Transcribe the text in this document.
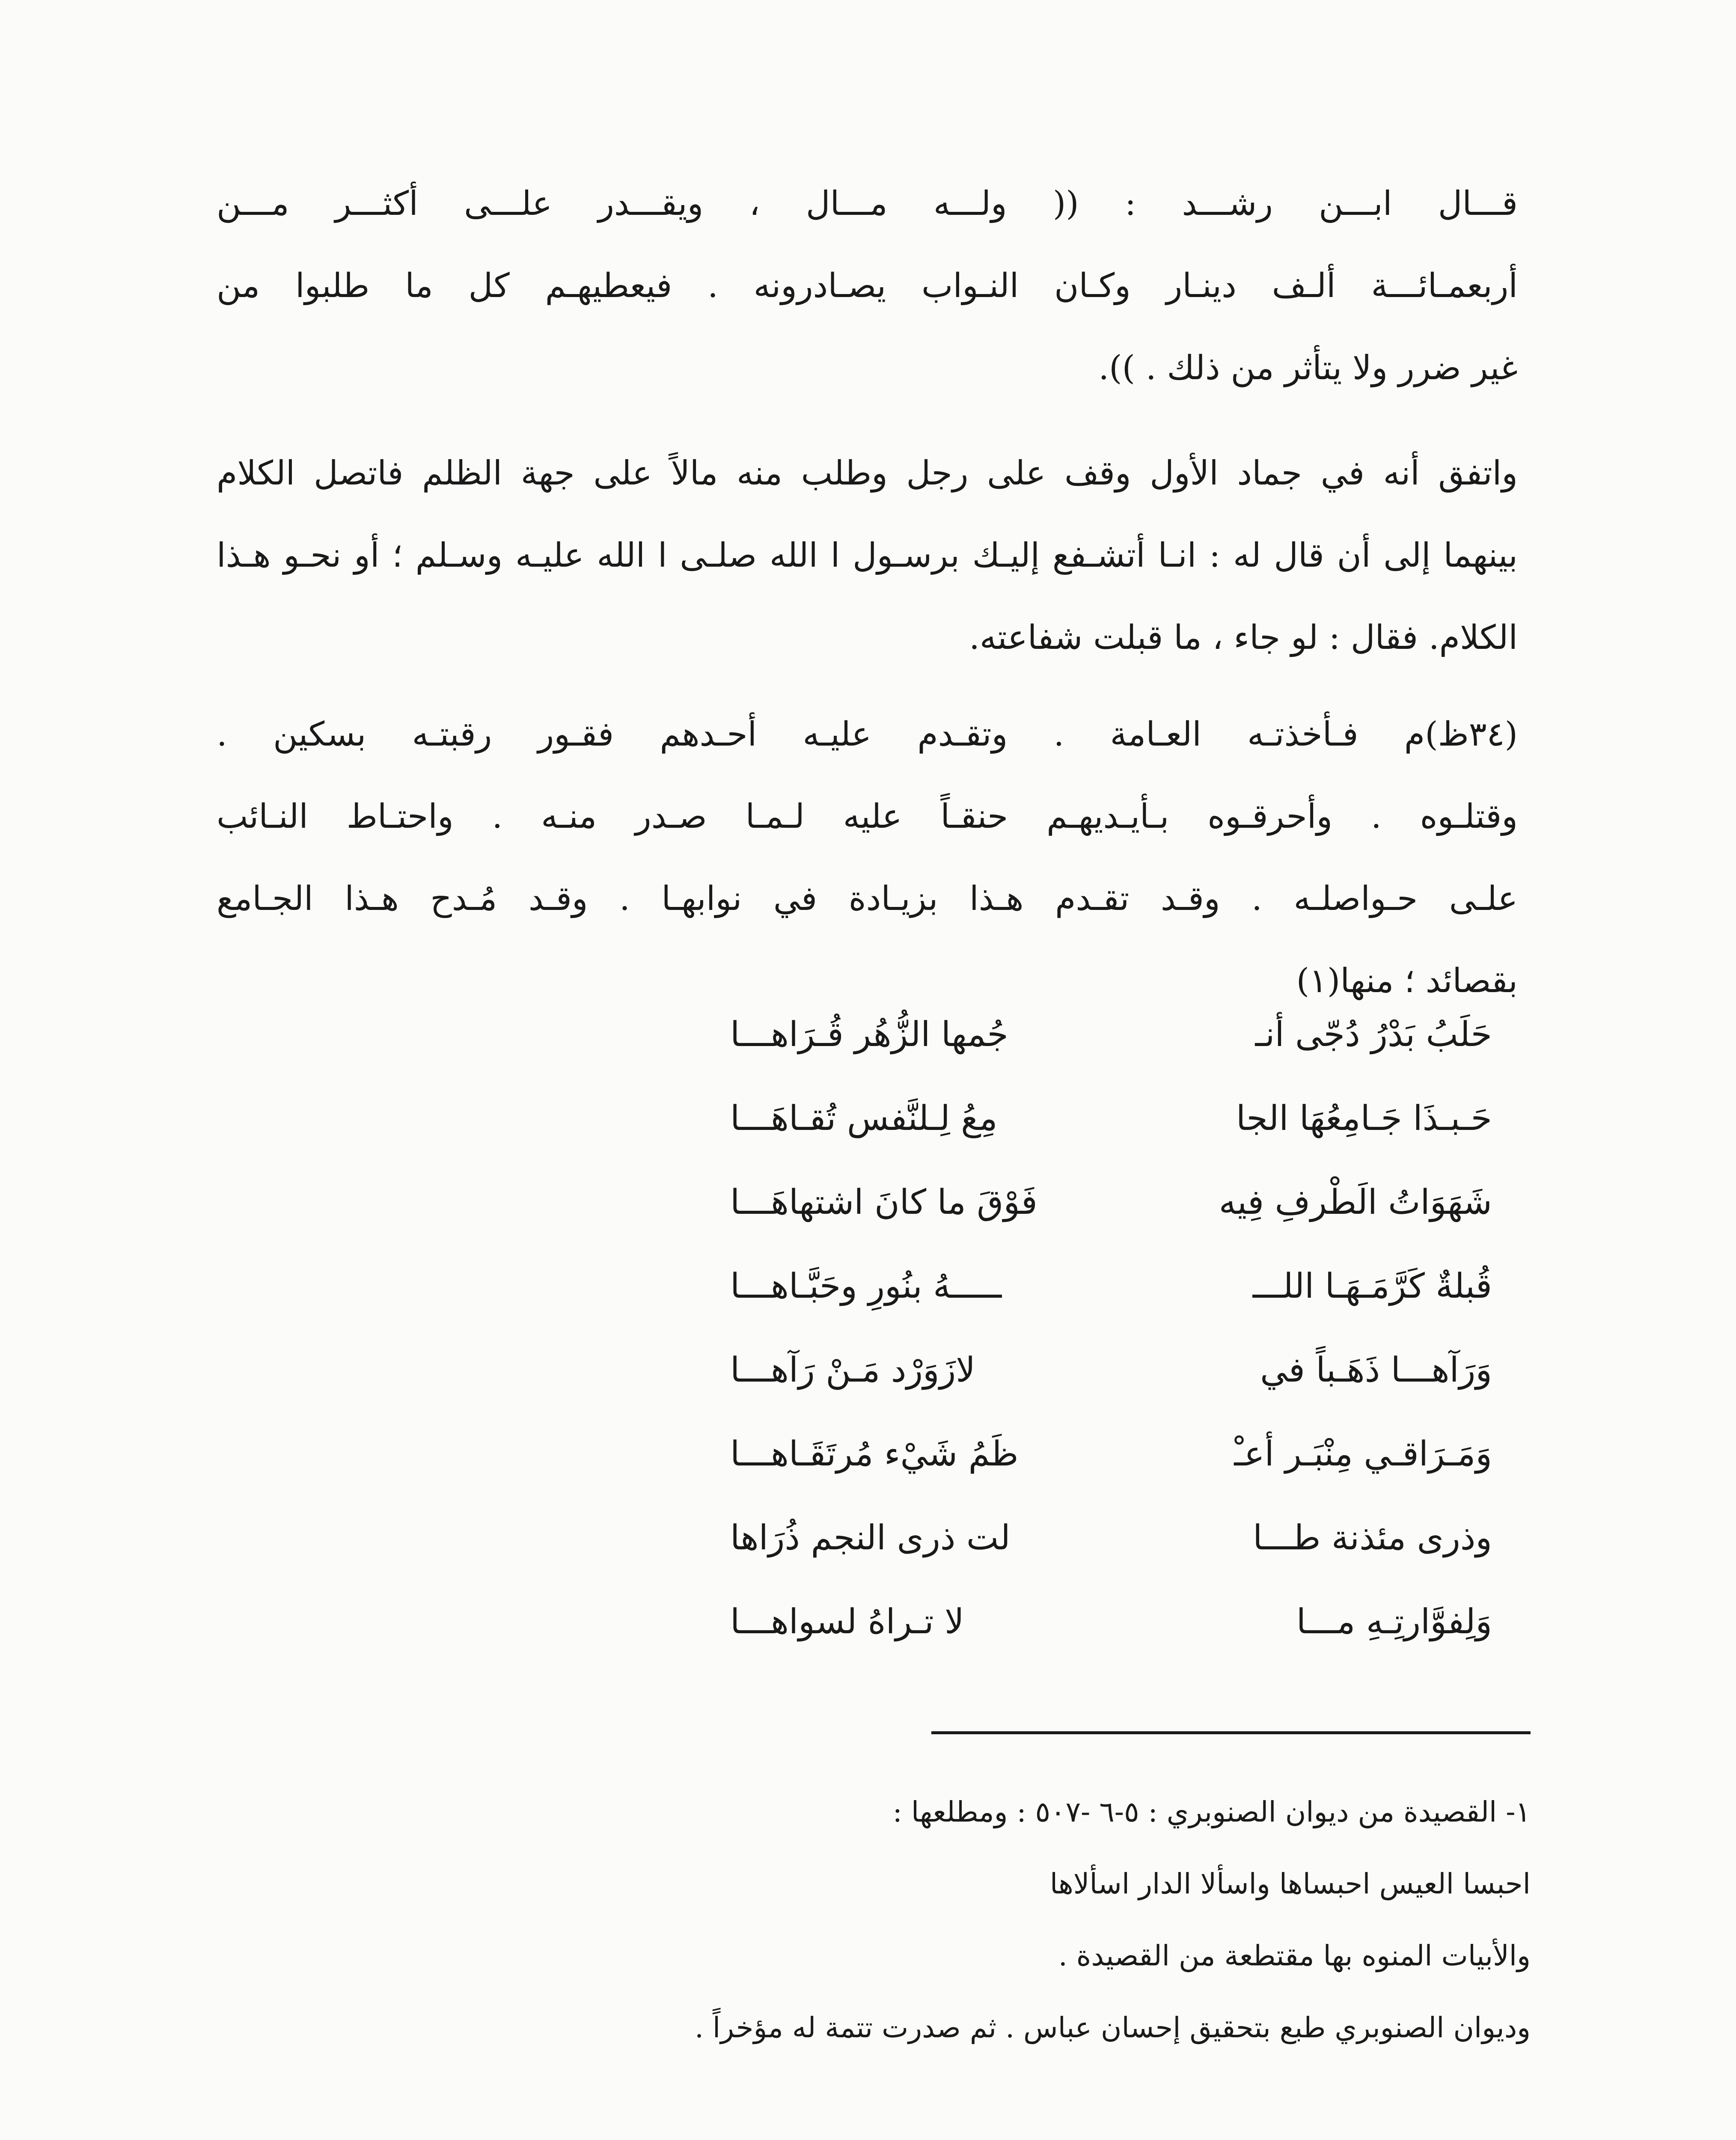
قـــال ابـــن رشـــد : (( ولـــه مـــال ، ويقـــدر علـــى أكثـــر مـــن
أربعمـائـــة ألـف دينـار وكـان النـواب يصـادرونه . فيعطيهـم كل ما طلبوا من
غير ضرر ولا يتأثر من ذلك . )).
واتفق أنه في جماد الأول وقف على رجل وطلب منه مالاً على جهة الظلم فاتصل الكلام
بينهما إلى أن قال له : انـا أتشـفع إليـك برسـول ا الله صلـى ا الله عليـه وسـلم ؛ أو نحـو هـذا
الكلام. فقال : لو جاء ، ما قبلت شفاعته.
(٣٤ظ)م فـأخذتـه العـامة . وتقـدم عليـه أحـدهم فقـور رقبتـه بسكين .
وقتلـوه . وأحرقـوه بـأيـديهـم حنقـاً عليه لـمـا صـدر منـه . واحتـاط النـائب
علـى حـواصلـه . وقـد تقـدم هـذا بزيـادة في نوابهـا . وقـد مُـدح هـذا الجـامع
بقصائد ؛ منها(١)
حَلَبُ بَدْرُ دُجّى أنـ
جُمها الزُّهُر قُـرَاهـــا
حَـبـذَا جَـامِعُهَا الجا
مِعُ لِـلنَّفس تُقـاهَـــا
شَهَوَاتُ الَطْرفِ فِيه
فَوْقَ ما كانَ اشتهاهَـــا
قُبلةٌ كَرَّمَـهَـا اللـــ
ـــــهُ بنُورِ وحَبَّـاهـــا
وَرَآهـــا ذَهَـباً في
لازَوَرْد مَـنْ رَآهـــا
وَمَـرَاقـي مِنْبَـر أعـْ
ظَمُ شَيْء مُرتَقَـاهـــا
وذرى مئذنة طـــا
لت ذرى النجم ذُرَاها
وَلِفوَّارتِـهِ مـــا
لا تـراهُ لسواهـــا
١- القصيدة من ديوان الصنوبري : ٥-٦ -٥٠٧ : ومطلعها :
احبسا العيس احبساها واسألا الدار اسألاها
والأبيات المنوه بها مقتطعة من القصيدة .
وديوان الصنوبري طبع بتحقيق إحسان عباس . ثم صدرت تتمة له مؤخراً .
